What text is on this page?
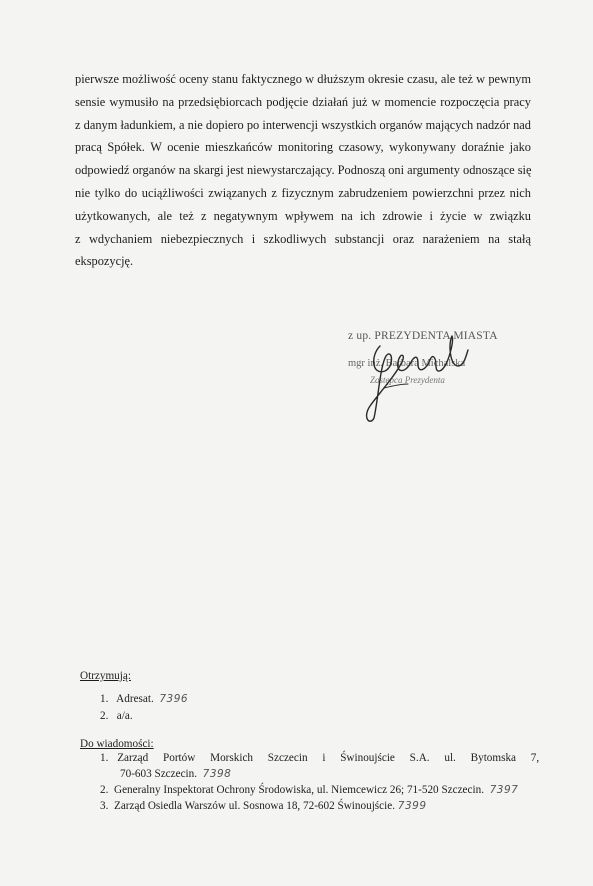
pierwsze możliwość oceny stanu faktycznego w dłuższym okresie czasu, ale też w pewnym
sensie wymusiło na przedsiębiorcach podjęcie działań już w momencie rozpoczęcia pracy
z danym ładunkiem, a nie dopiero po interwencji wszystkich organów mających nadzór nad
pracą Spółek. W ocenie mieszkańców monitoring czasowy, wykonywany doraźnie jako
odpowiedź organów na skargi jest niewystarczający. Podnoszą oni argumenty odnoszące się
nie tylko do uciążliwości związanych z fizycznym zabrudzeniem powierzchni przez nich
użytkowanych, ale też z negatywnym wpływem na ich zdrowie i życie w związku
z wdychaniem niebezpiecznych i szkodliwych substancji oraz narażeniem na stałą
ekspozycję.
z up. PREZYDENTA MIASTA
mgr inż. Barbara Michalska
Zastępca Prezydenta
Otrzymują:
1. Adresat. 7396
2. a/a.
Do wiadomości:
1. Zarząd Portów Morskich Szczecin i Świnoujście S.A. ul. Bytomska 7,
70-603 Szczecin. 7398
2. Generalny Inspektorat Ochrony Środowiska, ul. Niemcewicz 26; 71-520 Szczecin. 7397
3. Zarząd Osiedla Warszów ul. Sosnowa 18, 72-602 Świnoujście. 7399
